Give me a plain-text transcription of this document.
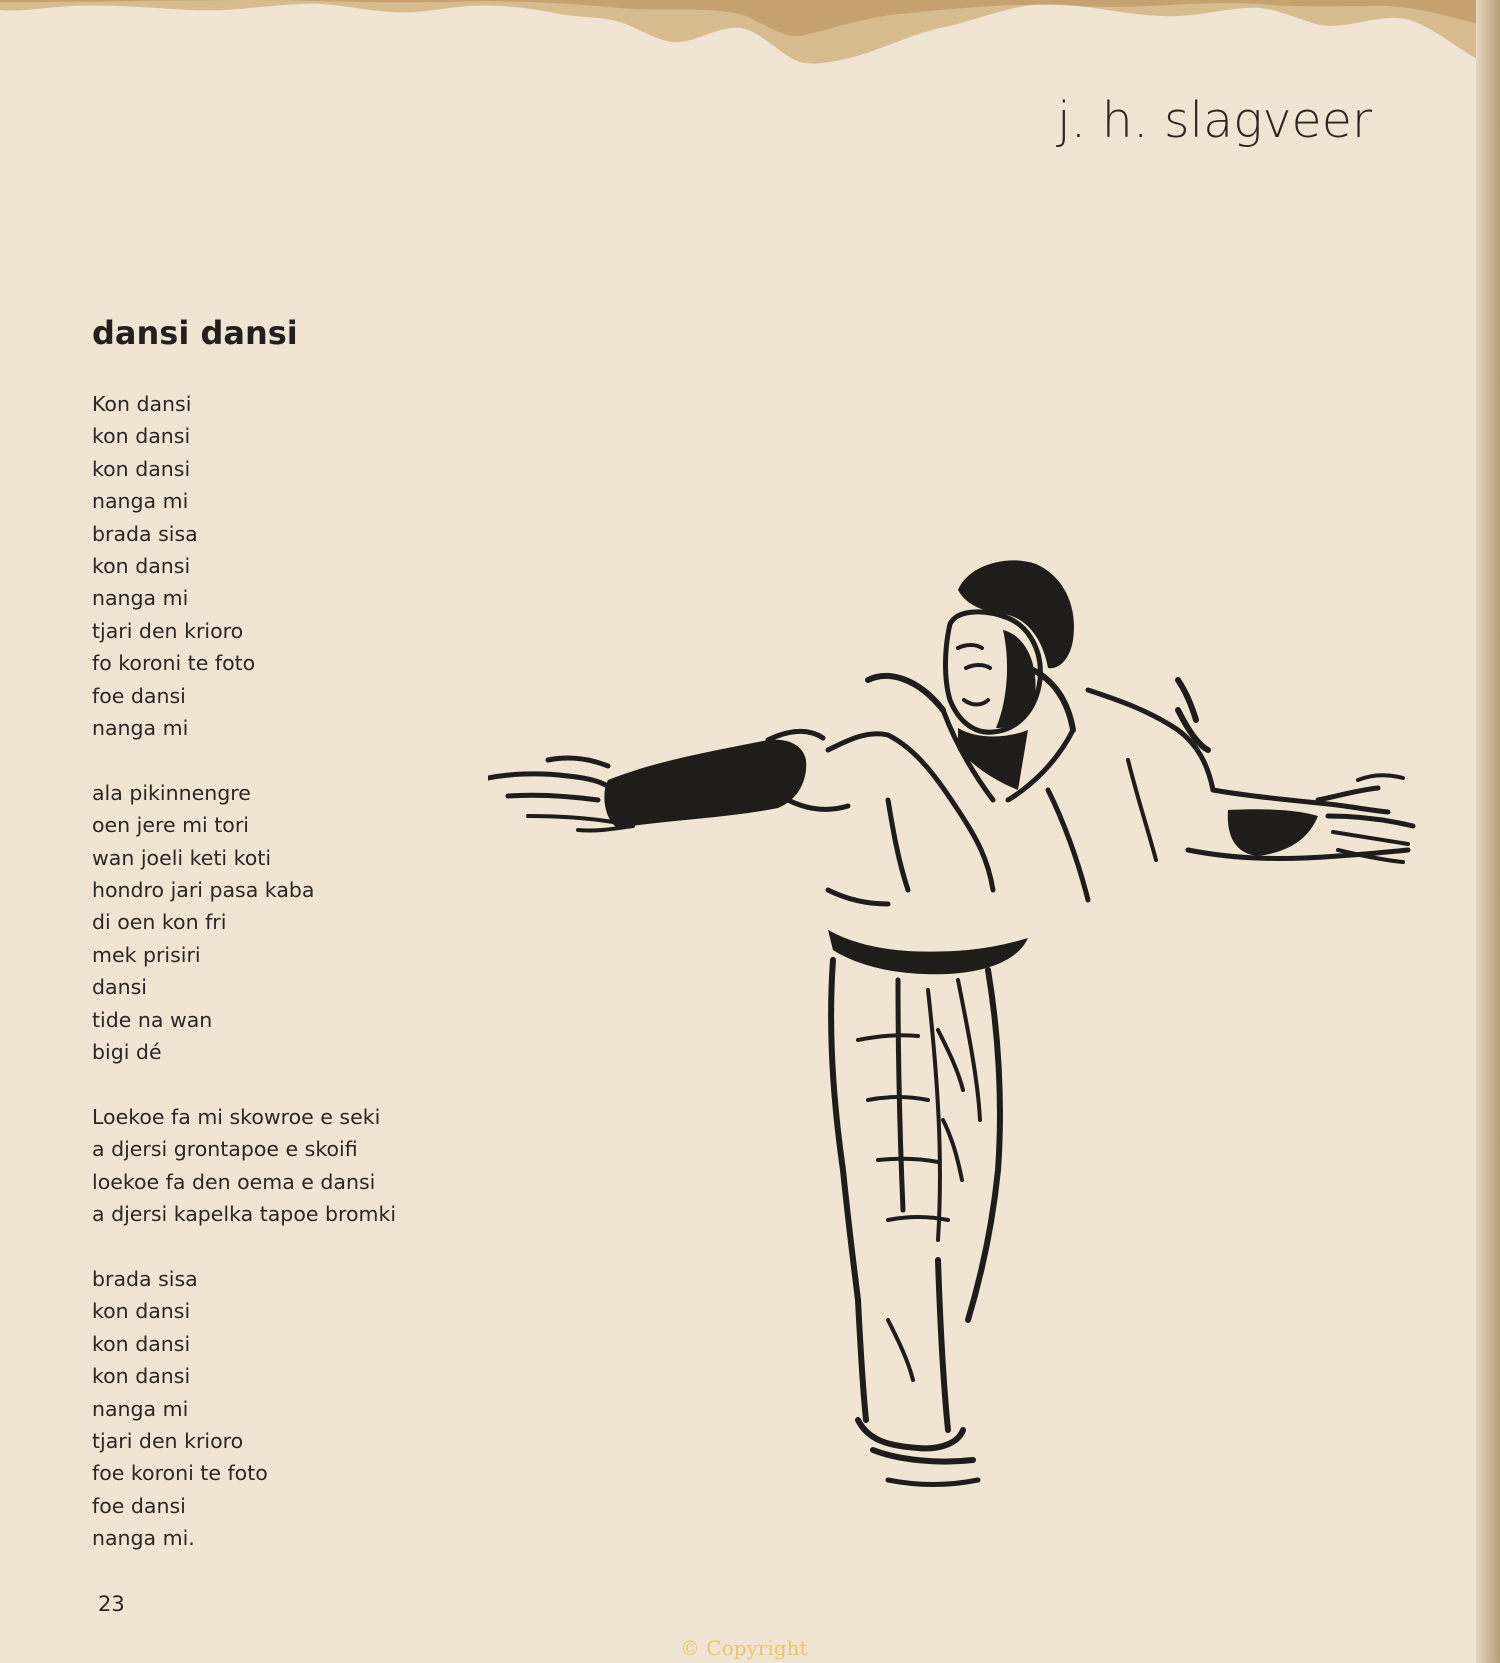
j. h. slagveer
dansi dansi
Kon dansi
kon dansi
kon dansi
nanga mi
brada sisa
kon dansi
nanga mi
tjari den krioro
fo koroni te foto
foe dansi
nanga mi
ala pikinnengre
oen jere mi tori
wan joeli keti koti
hondro jari pasa kaba
di oen kon fri
mek prisiri
dansi
tide na wan
bigi dé
Loekoe fa mi skowroe e seki
a djersi grontapoe e skoifi
loekoe fa den oema e dansi
a djersi kapelka tapoe bromki
brada sisa
kon dansi
kon dansi
kon dansi
nanga mi
tjari den krioro
foe koroni te foto
foe dansi
nanga mi.
23
© Copyright
